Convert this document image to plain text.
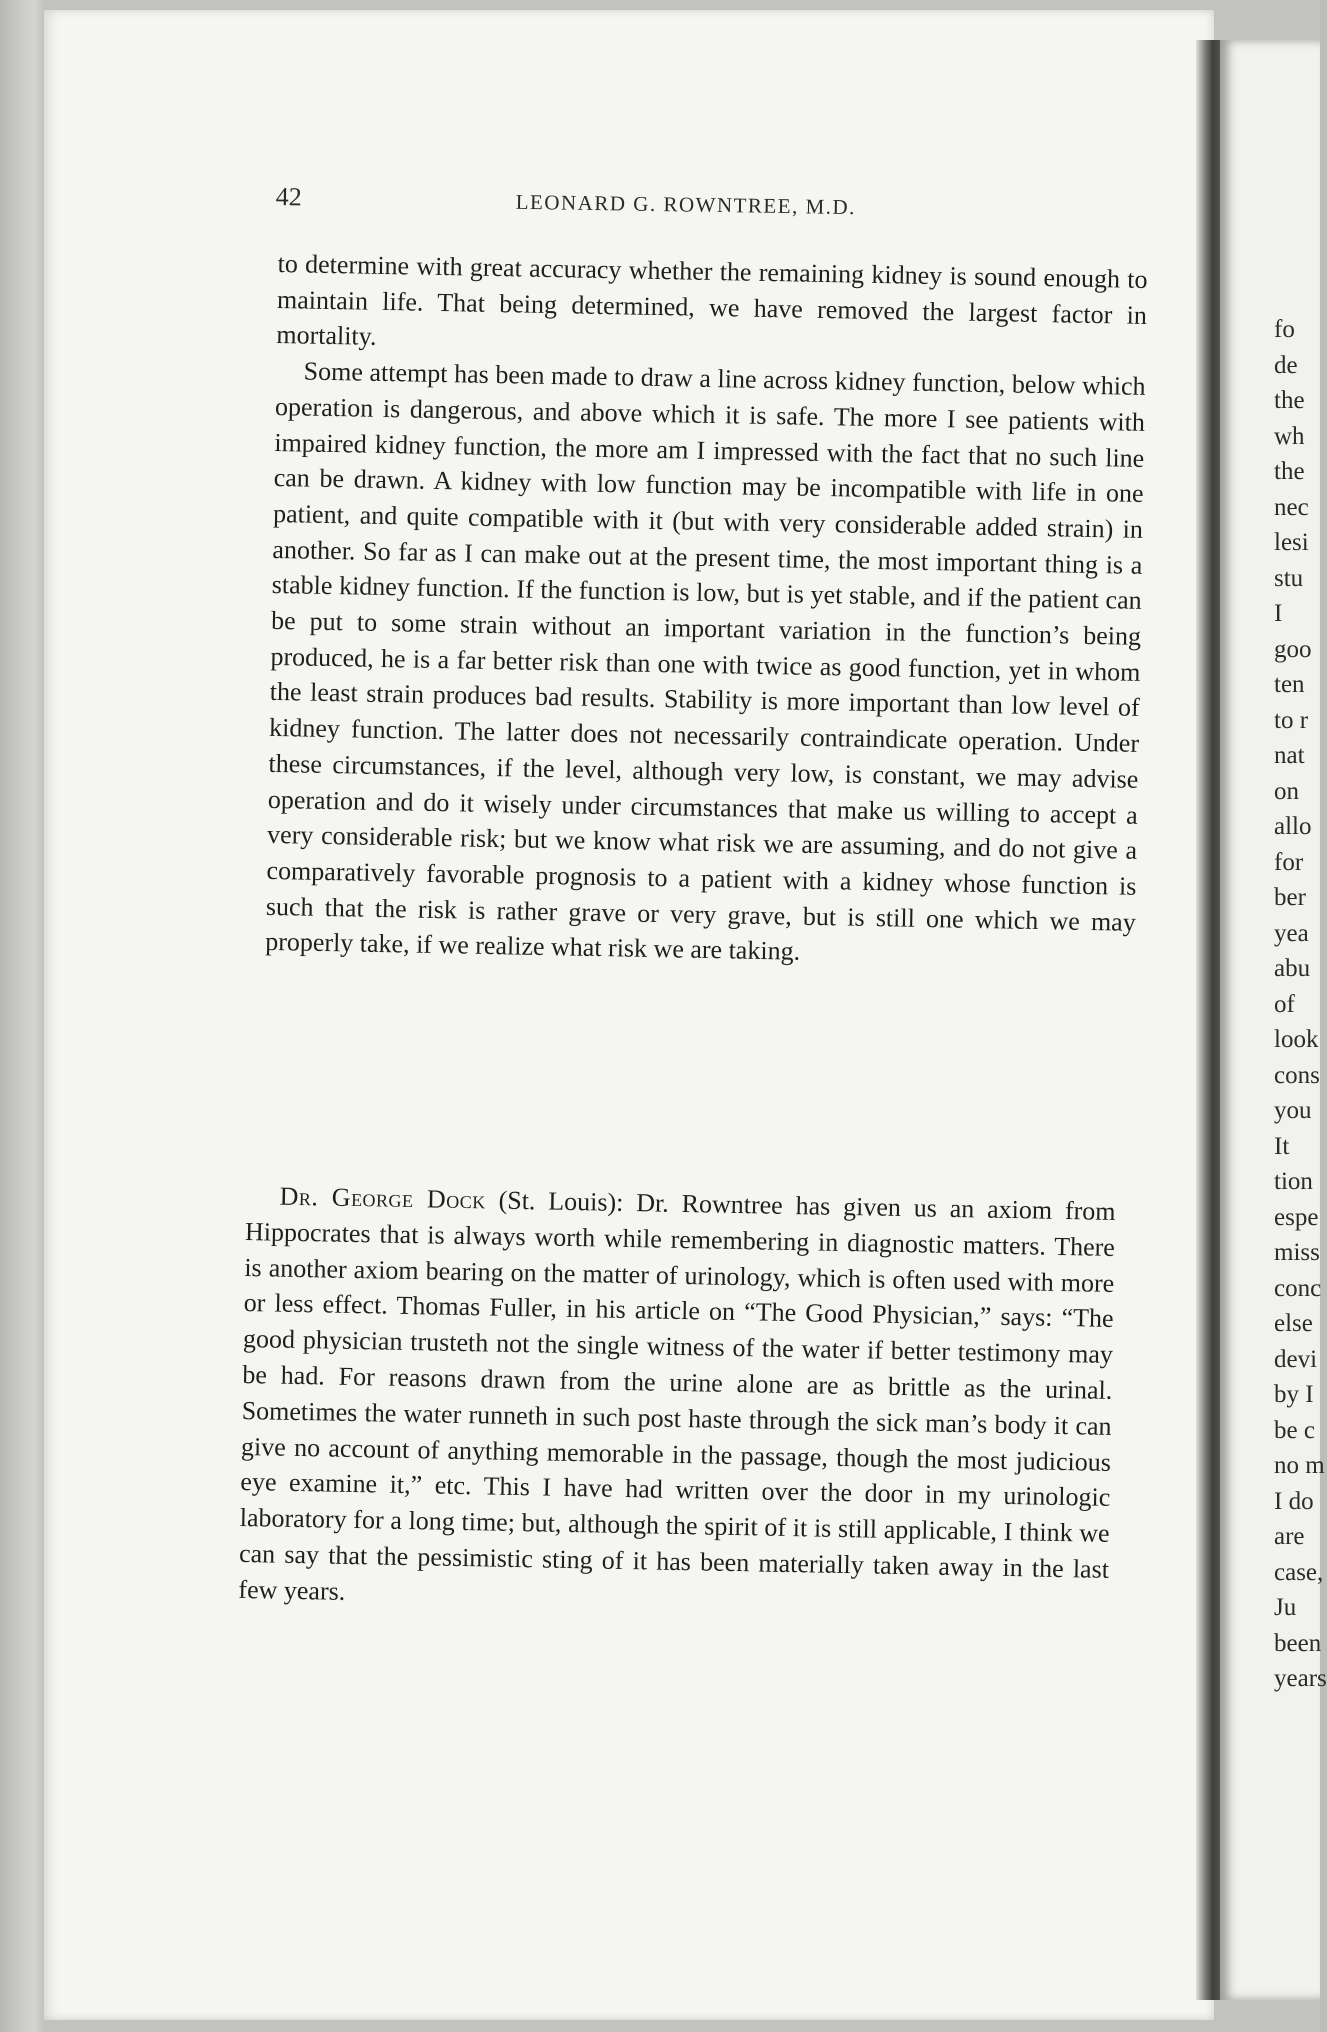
fo
de
the
wh
the
nec
lesi
stu
I
goo
ten
to r
nat
on
allo
for
ber
yea
abu
of
look
cons
you
It
tion
espe
miss
conc
else
devi
by I
be c
no m
I do
are
case,
Ju
been
years
42	LEONARD G. ROWNTREE, M.D.

to determine with great accuracy whether the remaining kidney is sound enough to maintain life. That being determined, we have removed the largest factor in mortality.

Some attempt has been made to draw a line across kidney function, below which operation is dangerous, and above which it is safe. The more I see patients with impaired kidney function, the more am I impressed with the fact that no such line can be drawn. A kidney with low function may be incompatible with life in one patient, and quite compatible with it (but with very considerable added strain) in another. So far as I can make out at the present time, the most important thing is a stable kidney function. If the function is low, but is yet stable, and if the patient can be put to some strain without an important variation in the function’s being produced, he is a far better risk than one with twice as good function, yet in whom the least strain produces bad results. Stability is more important than low level of kidney function. The latter does not necessarily contraindicate operation. Under these circumstances, if the level, although very low, is constant, we may advise operation and do it wisely under circumstances that make us willing to accept a very considerable risk; but we know what risk we are assuming, and do not give a comparatively favorable prognosis to a patient with a kidney whose function is such that the risk is rather grave or very grave, but is still one which we may properly take, if we realize what risk we are taking.

Dr. George Dock (St. Louis): Dr. Rowntree has given us an axiom from Hippocrates that is always worth while remembering in diagnostic matters. There is another axiom bearing on the matter of urinology, which is often used with more or less effect. Thomas Fuller, in his article on “The Good Physician,” says: “The good physician trusteth not the single witness of the water if better testimony may be had. For reasons drawn from the urine alone are as brittle as the urinal. Sometimes the water runneth in such post haste through the sick man’s body it can give no account of anything memorable in the passage, though the most judicious eye examine it,” etc. This I have had written over the door in my urinologic laboratory for a long time; but, although the spirit of it is still applicable, I think we can say that the pessimistic sting of it has been materially taken away in the last few years.
